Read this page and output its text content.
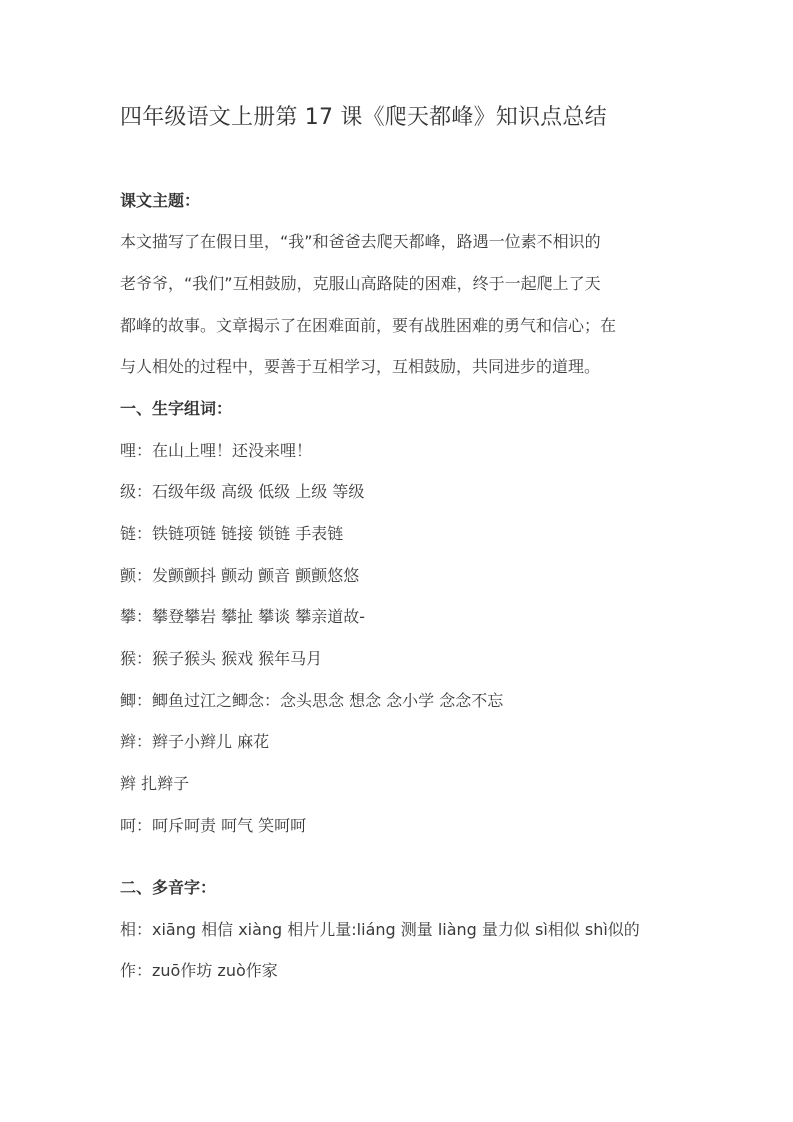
四年级语文上册第 17 课《爬天都峰》知识点总结
课文主题：
本文描写了在假日里，“我”和爸爸去爬天都峰，路遇一位素不相识的
老爷爷，“我们”互相鼓励，克服山高路陡的困难，终于一起爬上了天
都峰的故事。文章揭示了在困难面前，要有战胜困难的勇气和信心；在
与人相处的过程中，要善于互相学习，互相鼓励，共同进步的道理。
一、生字组词：
哩：在山上哩！还没来哩！
级：石级年级 高级 低级 上级 等级
链：铁链项链 链接 锁链 手表链
颤：发颤颤抖 颤动 颤音 颤颤悠悠
攀：攀登攀岩 攀扯 攀谈 攀亲道故-
猴：猴子猴头 猴戏 猴年马月
鲫：鲫鱼过江之鲫念：念头思念 想念 念小学 念念不忘
辫：辫子小辫儿 麻花
辫 扎辫子
呵：呵斥呵责 呵气 笑呵呵
二、多音字：
相：xiāng 相信 xiàng 相片儿量:liáng 测量 liàng 量力似 sì相似 shì似的
作：zuō作坊 zuò作家
